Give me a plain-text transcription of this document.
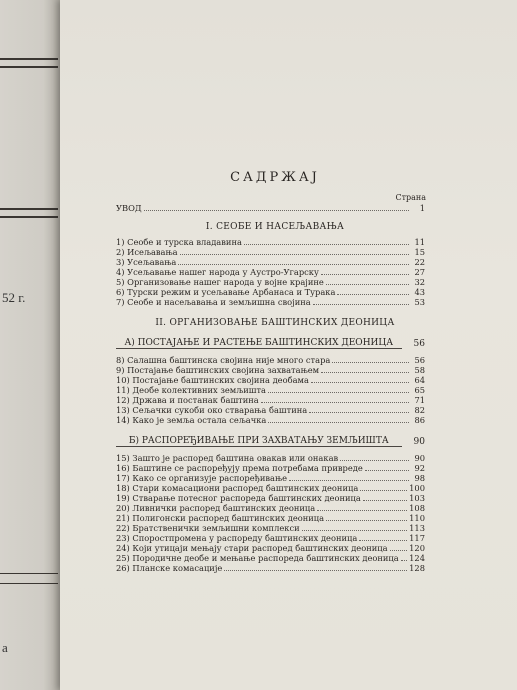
52 г.
а
САДРЖАЈ
Страна
УВОД	1
I. СЕОБЕ И НАСЕЉАВАЊА
1) Сеобе и турска владавина	11
2) Исељавања	15
3) Усељавања	22
4) Усељавање нашег народа у Аустро-Угарску	27
5) Организовање нашег народа у војне крајине	32
6) Турски режим и усељавање Арбанаса и Турака	43
7) Сеобе и насељавања и земљишна својина	53
II. ОРГАНИЗОВАЊЕ БАШТИНСКИХ ДЕОНИЦА
А) ПОСТАЈАЊЕ И РАСТЕЊЕ БАШТИНСКИХ ДЕОНИЦА	56
8) Салашна баштинска својина није много стара	56
9) Постајање баштинских својина захватањем	58
10) Постајање баштинских својина деобама	64
11) Деобе колективних земљишта	65
12) Држава и постанак баштина	71
13) Сељачки сукоби око стварања баштина	82
14) Како је земља остала сељачка	86
Б) РАСПОРЕЂИВАЊЕ ПРИ ЗАХВАТАЊУ ЗЕМЉИШТА	90
15) Зашто је распоред баштина овакав или онакав	90
16) Баштине се распоређују према потребама привреде	92
17) Како се организује распоређивање	98
18) Стари комасациони распоред баштинских деоница	100
19) Стварање потесног распореда баштинских деоница	103
20) Ливнички распоред баштинских деоница	108
21) Полигонски распоред баштинских деоница	110
22) Братственички земљишни комплекси	113
23) Споростпромена у распореду баштинских деоница	117
24) Који утицаји мењају стари распоред баштинских деоница	120
25) Породичне деобе и мењање распореда баштинских деоница 124
26) Планске комасације	128
